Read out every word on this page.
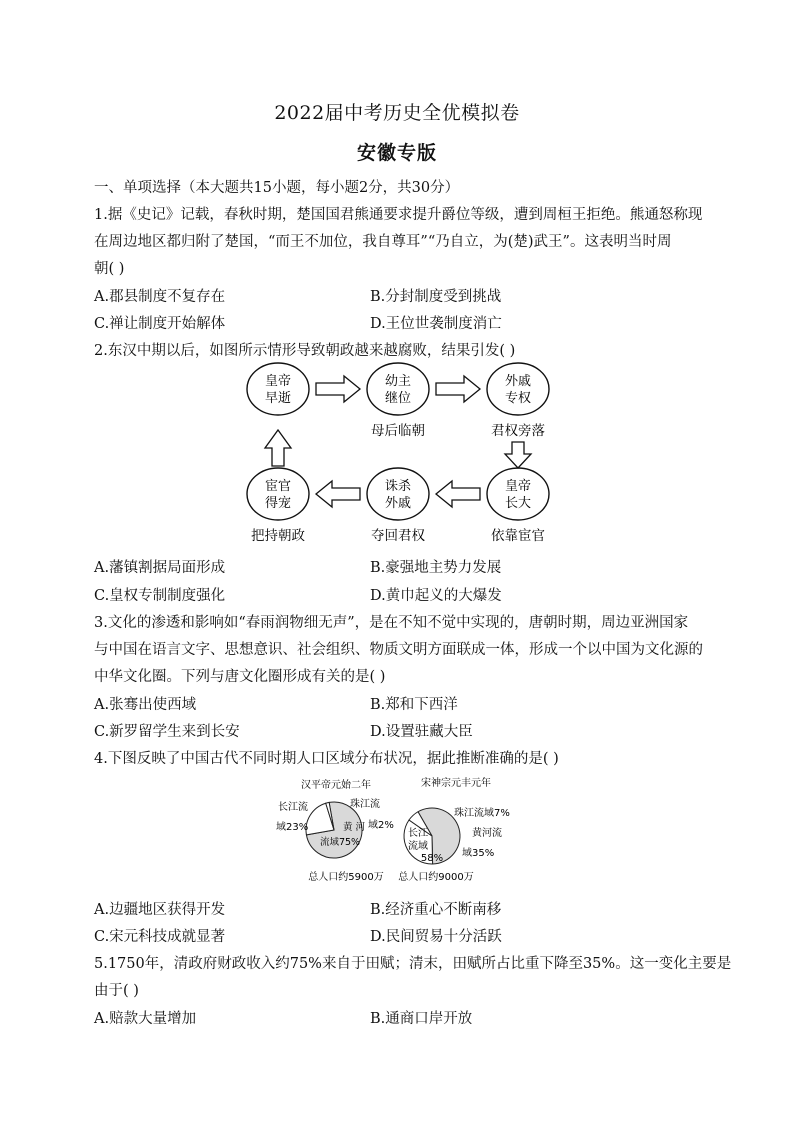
2022届中考历史全优模拟卷
安徽专版
一、单项选择（本大题共15小题，每小题2分，共30分）
1.据《史记》记载，春秋时期，楚国国君熊通要求提升爵位等级，遭到周桓王拒绝。熊通怒称现
在周边地区都归附了楚国，“而王不加位，我自尊耳”“乃自立，为(楚)武王”。这表明当时周
朝( )
A.郡县制度不复存在	B.分封制度受到挑战
C.禅让制度开始解体	D.王位世袭制度消亡
2.东汉中期以后，如图所示情形导致朝政越来越腐败，结果引发( )
皇帝
早逝
幼主
继位
外戚
专权
皇帝
长大
诛杀
外戚
宦官
得宠
母后临朝	君权旁落
依靠宦官
夺回君权
把持朝政
A.藩镇割据局面形成	B.豪强地主势力发展
C.皇权专制制度强化	D.黄巾起义的大爆发
3.文化的渗透和影响如“春雨润物细无声”，是在不知不觉中实现的，唐朝时期，周边亚洲国家
与中国在语言文字、思想意识、社会组织、物质文明方面联成一体，形成一个以中国为文化源的
中华文化圈。下列与唐文化圈形成有关的是( )
A.张骞出使西域	B.郑和下西洋
C.新罗留学生来到长安	D.设置驻藏大臣
4.下图反映了中国古代不同时期人口区域分布状况，据此推断准确的是( )
汉平帝元始二年
珠江流
域2%
长江流
域23%	黄 河
流域75%
总人口约5900万
宋神宗元丰元年
珠江流域7%
黄河流
域35%
长江
流域
58%
总人口约9000万
A.边疆地区获得开发	B.经济重心不断南移
C.宋元科技成就显著	D.民间贸易十分活跃
5.1750年，清政府财政收入约75%来自于田赋；清末，田赋所占比重下降至35%。这一变化主要是
由于( )
A.赔款大量增加	B.通商口岸开放
